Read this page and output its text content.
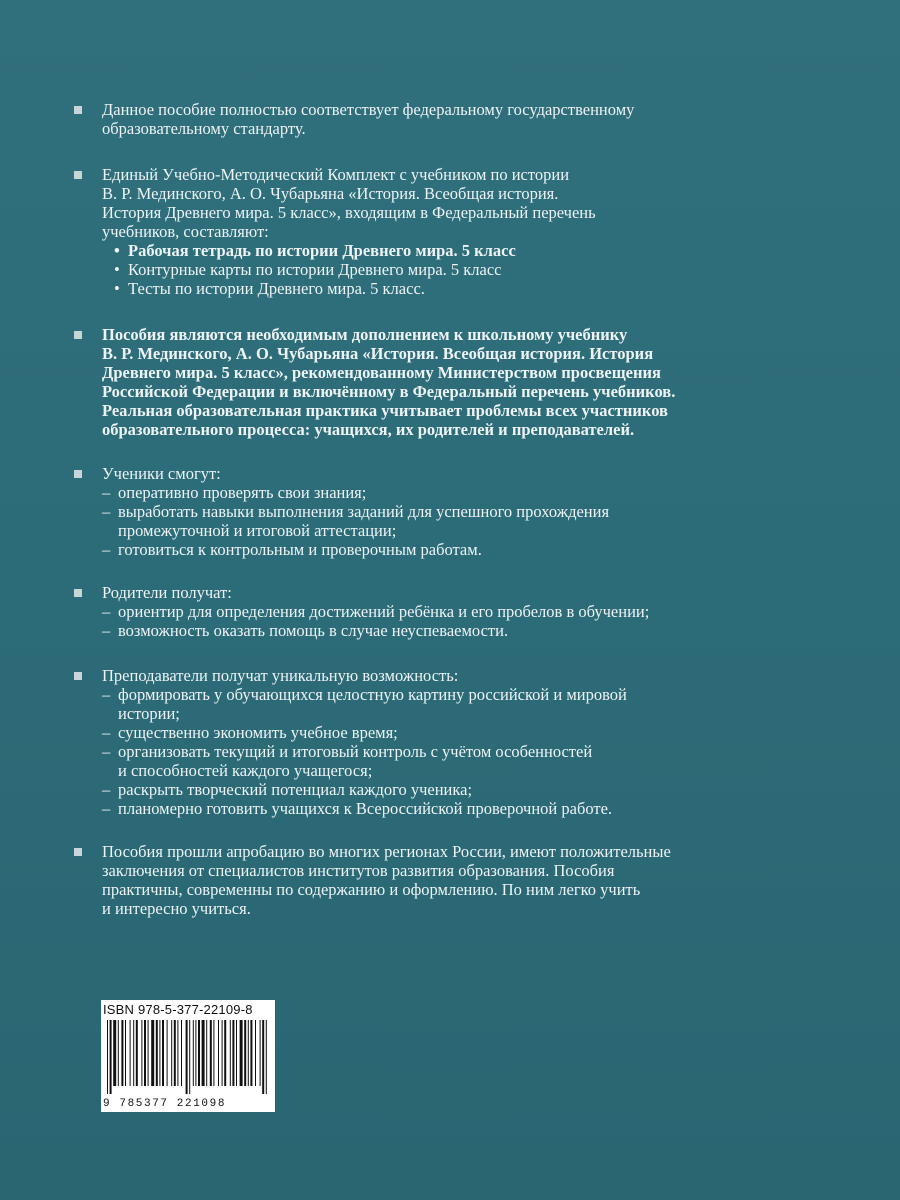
Данное пособие полностью соответствует федеральному государственному
образовательному стандарту.
Единый Учебно-Методический Комплект с учебником по истории
В. Р. Мединского, А. О. Чубарьяна «История. Всеобщая история.
История Древнего мира. 5 класс», входящим в Федеральный перечень
учебников, составляют:
• Рабочая тетрадь по истории Древнего мира. 5 класс
• Контурные карты по истории Древнего мира. 5 класс
• Тесты по истории Древнего мира. 5 класс.
Пособия являются необходимым дополнением к школьному учебнику
В. Р. Мединского, А. О. Чубарьяна «История. Всеобщая история. История
Древнего мира. 5 класс», рекомендованному Министерством просвещения
Российской Федерации и включённому в Федеральный перечень учебников.
Реальная образовательная практика учитывает проблемы всех участников
образовательного процесса: учащихся, их родителей и преподавателей.
Ученики смогут:
– оперативно проверять свои знания;
– выработать навыки выполнения заданий для успешного прохождения
промежуточной и итоговой аттестации;
– готовиться к контрольным и проверочным работам.
Родители получат:
– ориентир для определения достижений ребёнка и его пробелов в обучении;
– возможность оказать помощь в случае неуспеваемости.
Преподаватели получат уникальную возможность:
– формировать у обучающихся целостную картину российской и мировой
истории;
– существенно экономить учебное время;
– организовать текущий и итоговый контроль с учётом особенностей
и способностей каждого учащегося;
– раскрыть творческий потенциал каждого ученика;
– планомерно готовить учащихся к Всероссийской проверочной работе.
Пособия прошли апробацию во многих регионах России, имеют положительные
заключения от специалистов институтов развития образования. Пособия
практичны, современны по содержанию и оформлению. По ним легко учить
и интересно учиться.
ISBN 978-5-377-22109-8
9 785377 221098
